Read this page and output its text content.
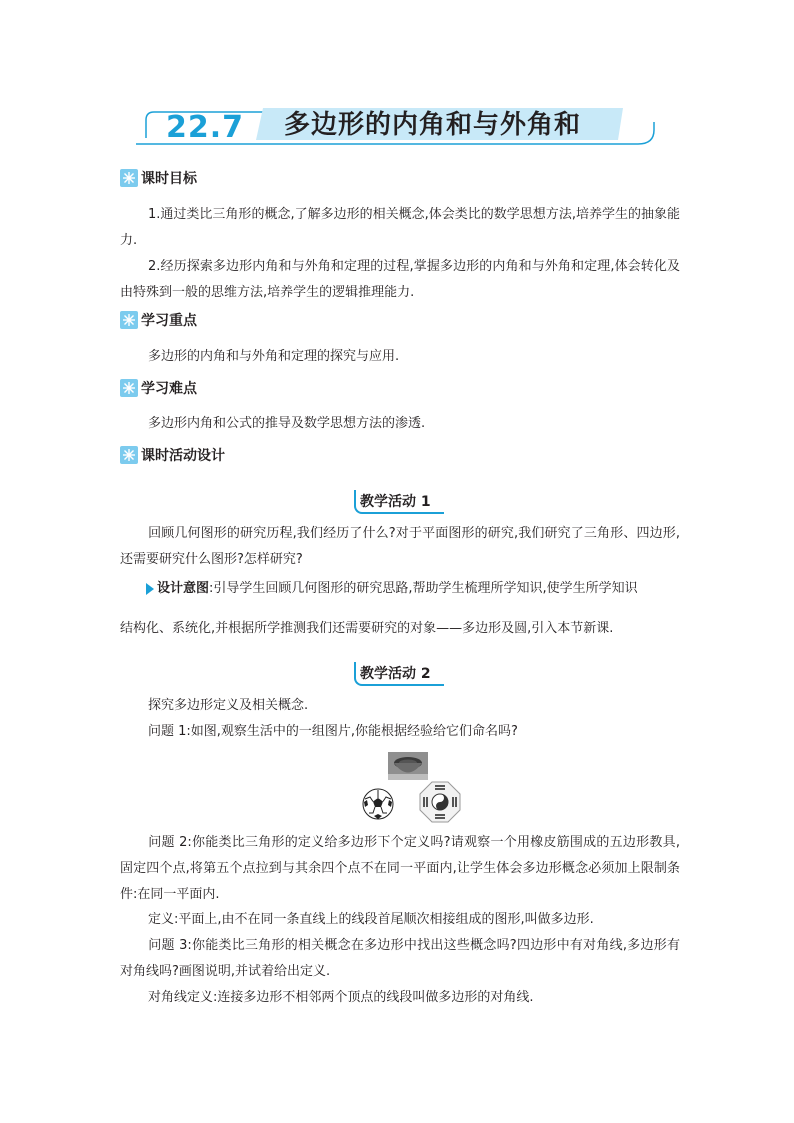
22.7 多边形的内角和与外角和
课时目标
1.通过类比三角形的概念,了解多边形的相关概念,体会类比的数学思想方法,培养学生的抽象能力.
2.经历探索多边形内角和与外角和定理的过程,掌握多边形的内角和与外角和定理,体会转化及由特殊到一般的思维方法,培养学生的逻辑推理能力.
学习重点
多边形的内角和与外角和定理的探究与应用.
学习难点
多边形内角和公式的推导及数学思想方法的渗透.
课时活动设计
教学活动 1
回顾几何图形的研究历程,我们经历了什么?对于平面图形的研究,我们研究了三角形、四边形,还需要研究什么图形?怎样研究?
设计意图:引导学生回顾几何图形的研究思路,帮助学生梳理所学知识,使学生所学知识
结构化、系统化,并根据所学推测我们还需要研究的对象——多边形及圆,引入本节新课.
教学活动 2
探究多边形定义及相关概念.
问题 1:如图,观察生活中的一组图片,你能根据经验给它们命名吗?
问题 2:你能类比三角形的定义给多边形下个定义吗?请观察一个用橡皮筋围成的五边形教具,固定四个点,将第五个点拉到与其余四个点不在同一平面内,让学生体会多边形概念必须加上限制条件:在同一平面内.
定义:平面上,由不在同一条直线上的线段首尾顺次相接组成的图形,叫做多边形.
问题 3:你能类比三角形的相关概念在多边形中找出这些概念吗?四边形中有对角线,多边形有对角线吗?画图说明,并试着给出定义.
对角线定义:连接多边形不相邻两个顶点的线段叫做多边形的对角线.
